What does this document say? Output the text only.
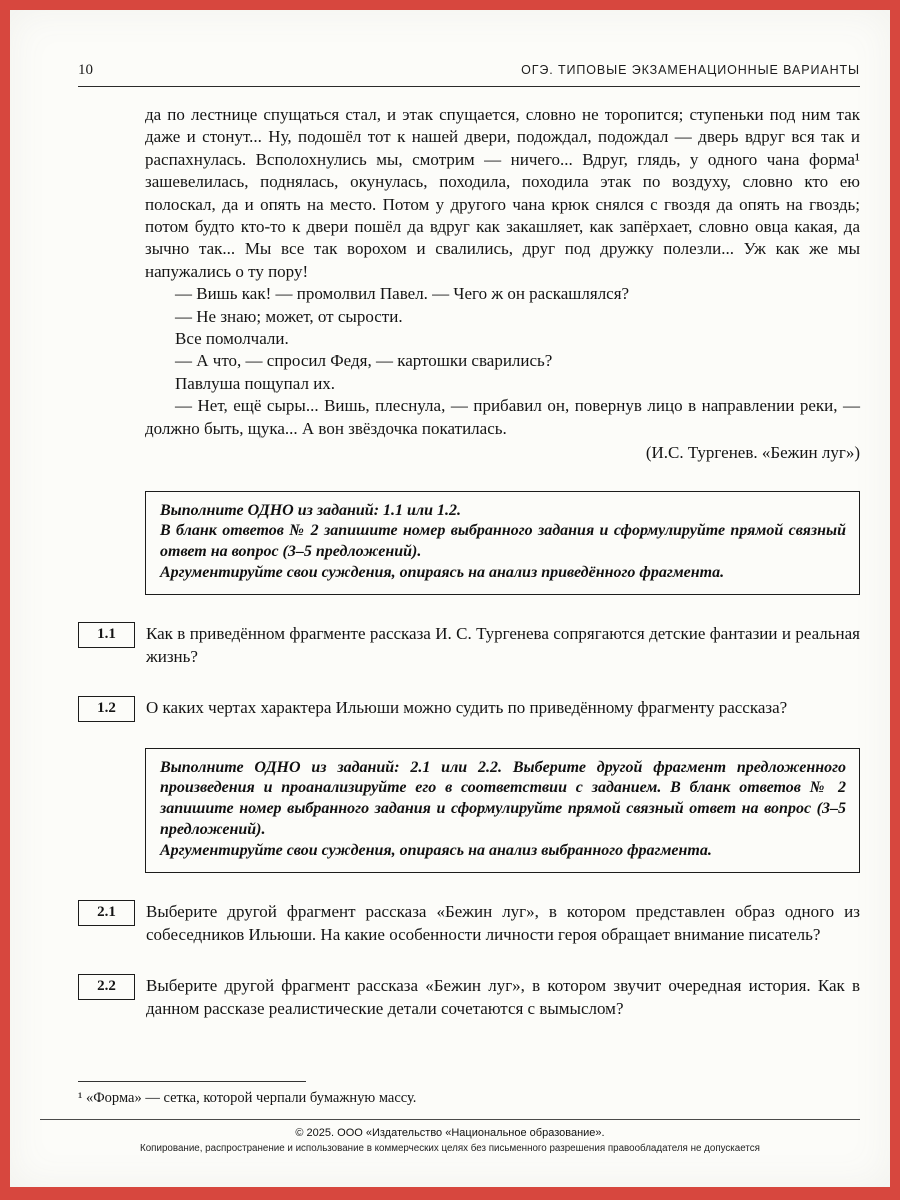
10	ОГЭ. ТИПОВЫЕ ЭКЗАМЕНАЦИОННЫЕ ВАРИАНТЫ

да по лестнице спущаться стал, и этак спущается, словно не торопится; ступеньки под ним так даже и стонут... Ну, подошёл тот к нашей двери, подождал, подождал — дверь вдруг вся так и распахнулась. Всполохнулись мы, смотрим — ничего... Вдруг, глядь, у одного чана форма¹ зашевелилась, поднялась, окунулась, походила, походила этак по воздуху, словно кто ею полоскал, да и опять на место. Потом у другого чана крюк снялся с гвоздя да опять на гвоздь; потом будто кто-то к двери пошёл да вдруг как закашляет, как запёрхает, словно овца какая, да зычно так... Мы все так ворохом и свалились, друг под дружку полезли... Уж как же мы напужались о ту пору!

— Вишь как! — промолвил Павел. — Чего ж он раскашлялся?

— Не знаю; может, от сырости.

Все помолчали.

— А что, — спросил Федя, — картошки сварились?

Павлуша пощупал их.

— Нет, ещё сыры... Вишь, плеснула, — прибавил он, повернув лицо в направлении реки, — должно быть, щука... А вон звёздочка покатилась.

(И.С. Тургенев. «Бежин луг»)

Выполните ОДНО из заданий: 1.1 или 1.2.

В бланк ответов № 2 запишите номер выбранного задания и сформулируйте прямой связный ответ на вопрос (3–5 предложений).

Аргументируйте свои суждения, опираясь на анализ приведённого фрагмента.

1.1	Как в приведённом фрагменте рассказа И. С. Тургенева сопрягаются детские фантазии и реальная жизнь?

1.2	О каких чертах характера Ильюши можно судить по приведённому фрагменту рассказа?

Выполните ОДНО из заданий: 2.1 или 2.2. Выберите другой фрагмент предложенного произведения и проанализируйте его в соответствии с заданием. В бланк ответов № 2 запишите номер выбранного задания и сформулируйте прямой связный ответ на вопрос (3–5 предложений).

Аргументируйте свои суждения, опираясь на анализ выбранного фрагмента.

2.1	Выберите другой фрагмент рассказа «Бежин луг», в котором представлен образ одного из собеседников Ильюши. На какие особенности личности героя обращает внимание писатель?

2.2	Выберите другой фрагмент рассказа «Бежин луг», в котором звучит очередная история. Как в данном рассказе реалистические детали сочетаются с вымыслом?

¹ «Форма» — сетка, которой черпали бумажную массу.

© 2025. ООО «Издательство «Национальное образование».

Копирование, распространение и использование в коммерческих целях без письменного разрешения правообладателя не допускается
